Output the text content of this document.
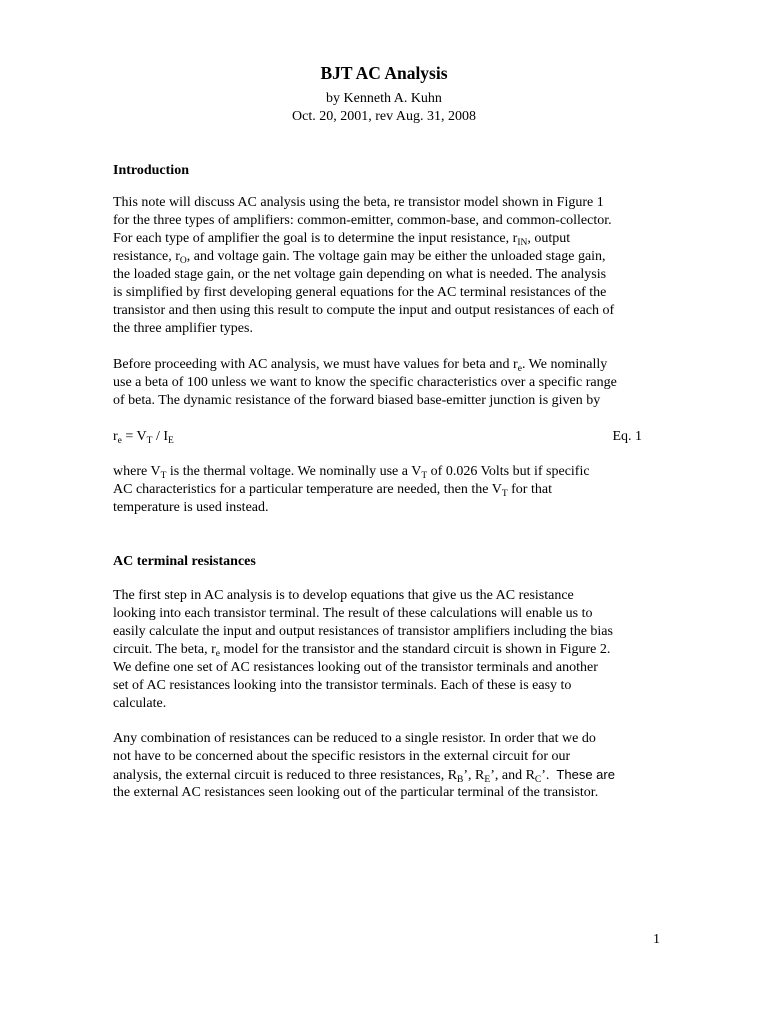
BJT AC Analysis
by Kenneth A. Kuhn
Oct. 20, 2001, rev Aug. 31, 2008
Introduction
This note will discuss AC analysis using the beta, re transistor model shown in Figure 1
for the three types of amplifiers: common-emitter, common-base, and common-collector.
For each type of amplifier the goal is to determine the input resistance, $r_{IN}$, output
resistance, $r_O$, and voltage gain. The voltage gain may be either the unloaded stage gain,
the loaded stage gain, or the net voltage gain depending on what is needed. The analysis
is simplified by first developing general equations for the AC terminal resistances of the
transistor and then using this result to compute the input and output resistances of each of
the three amplifier types.
Before proceeding with AC analysis, we must have values for beta and $r_e$. We nominally
use a beta of 100 unless we want to know the specific characteristics over a specific range
of beta. The dynamic resistance of the forward biased base-emitter junction is given by
$r_e = V_T / I_E$	Eq. 1
where $V_T$ is the thermal voltage. We nominally use a $V_T$ of 0.026 Volts but if specific
AC characteristics for a particular temperature are needed, then the $V_T$ for that
temperature is used instead.
AC terminal resistances
The first step in AC analysis is to develop equations that give us the AC resistance
looking into each transistor terminal. The result of these calculations will enable us to
easily calculate the input and output resistances of transistor amplifiers including the bias
circuit. The beta, $r_e$ model for the transistor and the standard circuit is shown in Figure 2.
We define one set of AC resistances looking out of the transistor terminals and another
set of AC resistances looking into the transistor terminals. Each of these is easy to
calculate.
Any combination of resistances can be reduced to a single resistor. In order that we do
not have to be concerned about the specific resistors in the external circuit for our
analysis, the external circuit is reduced to three resistances, $R_B$’, $R_E$’, and $R_C$’.  These are
the external AC resistances seen looking out of the particular terminal of the transistor.
1
